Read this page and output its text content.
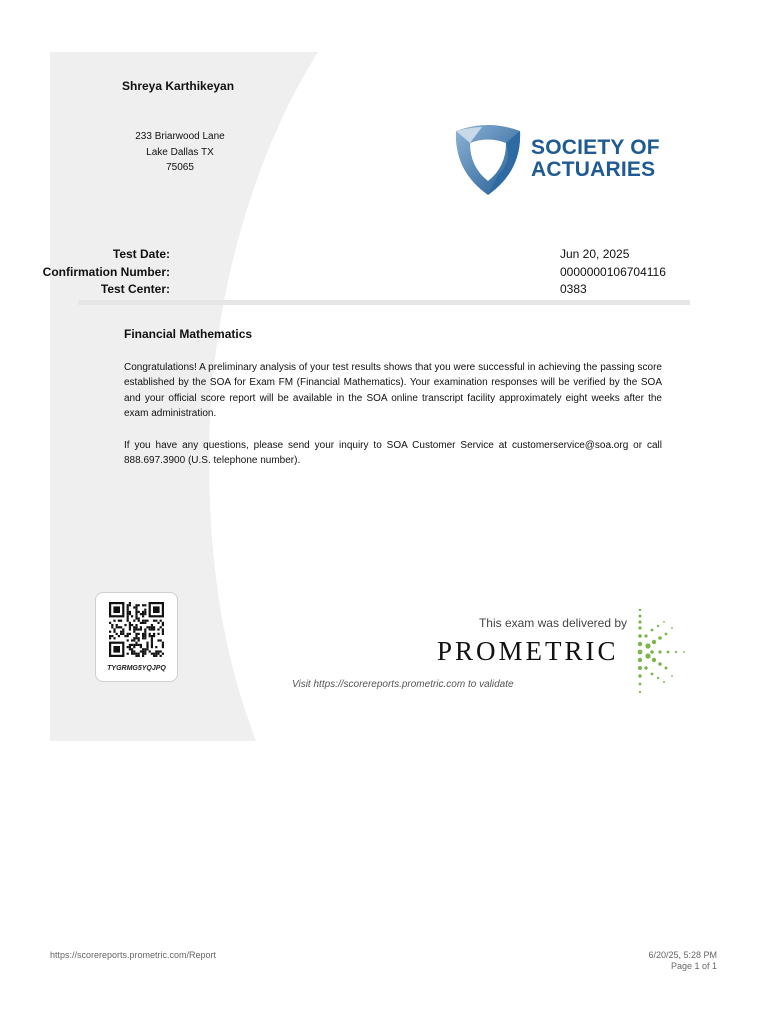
Shreya Karthikeyan
233 Briarwood Lane
Lake Dallas TX
75065
SOCIETY OF
ACTUARIES
Test Date:	Jun 20, 2025
Confirmation Number:	0000000106704116
Test Center:	0383
Financial Mathematics
Congratulations! A preliminary analysis of your test results shows that you were successful in achieving the passing score established by the SOA for Exam FM (Financial Mathematics). Your examination responses will be verified by the SOA and your official score report will be available in the SOA online transcript facility approximately eight weeks after the exam administration.
If you have any questions, please send your inquiry to SOA Customer Service at customerservice@soa.org or call 888.697.3900 (U.S. telephone number).
TYGRMG5YQJPQ
This exam was delivered by
PROMETRIC
Visit https://scorereports.prometric.com to validate
https://scorereports.prometric.com/Report	6/20/25, 5:28 PM
Page 1 of 1
